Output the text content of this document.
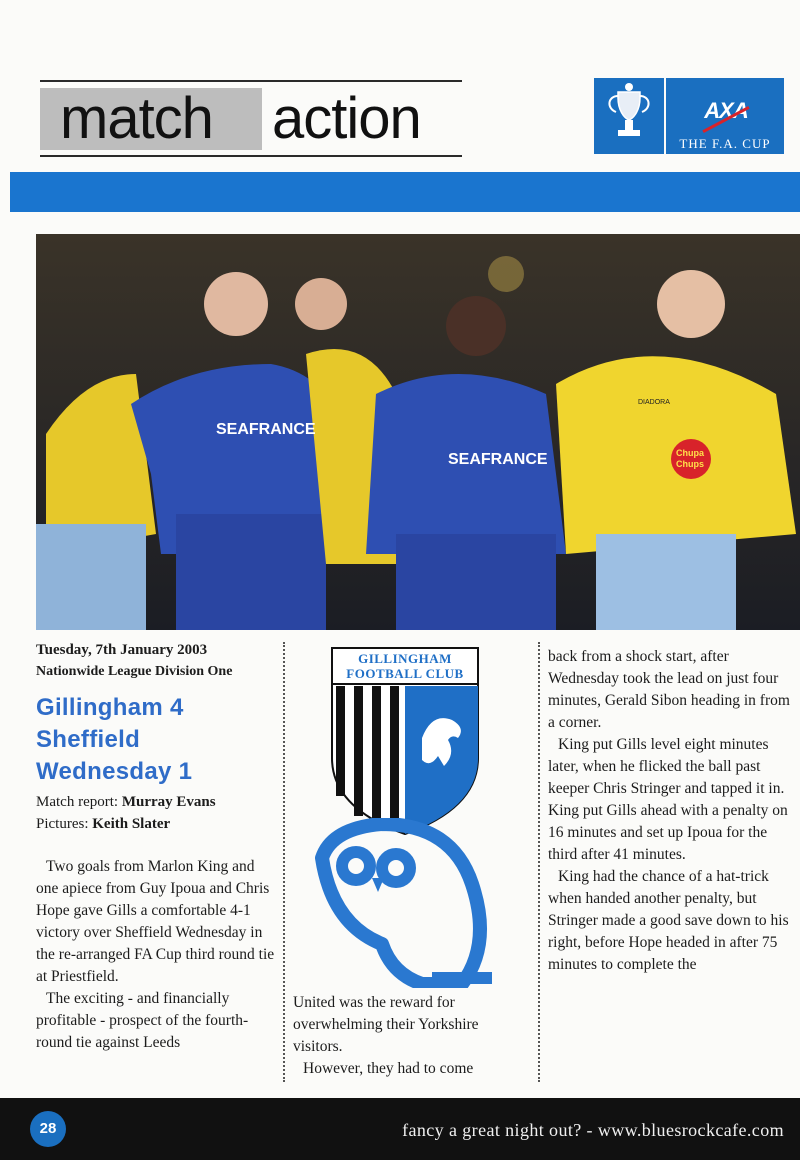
match action	AXA
THE F.A. CUP
SEAFRANCE
SEAFRANCE
DIADORA
Chupa
Chups
Tuesday, 7th January 2003
Nationwide League Division One
Gillingham 4
Sheffield
Wednesday 1
Match report: Murray Evans
Pictures: Keith Slater

Two goals from Marlon King and one apiece from Guy Ipoua and Chris Hope gave Gills a comfortable 4-1 victory over Sheffield Wednesday in the re-arranged FA Cup third round tie at Priestfield.

The exciting - and financially profitable - prospect of the fourth-round tie against Leeds

GILLINGHAM
FOOTBALL CLUB

United was the reward for overwhelming their Yorkshire visitors.

However, they had to come

back from a shock start, after Wednesday took the lead on just four minutes, Gerald Sibon heading in from a corner.

King put Gills level eight minutes later, when he flicked the ball past keeper Chris Stringer and tapped it in. King put Gills ahead with a penalty on 16 minutes and set up Ipoua for the third after 41 minutes.

King had the chance of a hat-trick when handed another penalty, but Stringer made a good save down to his right, before Hope headed in after 75 minutes to complete the

28	fancy a great night out? - www.bluesrockcafe.com
